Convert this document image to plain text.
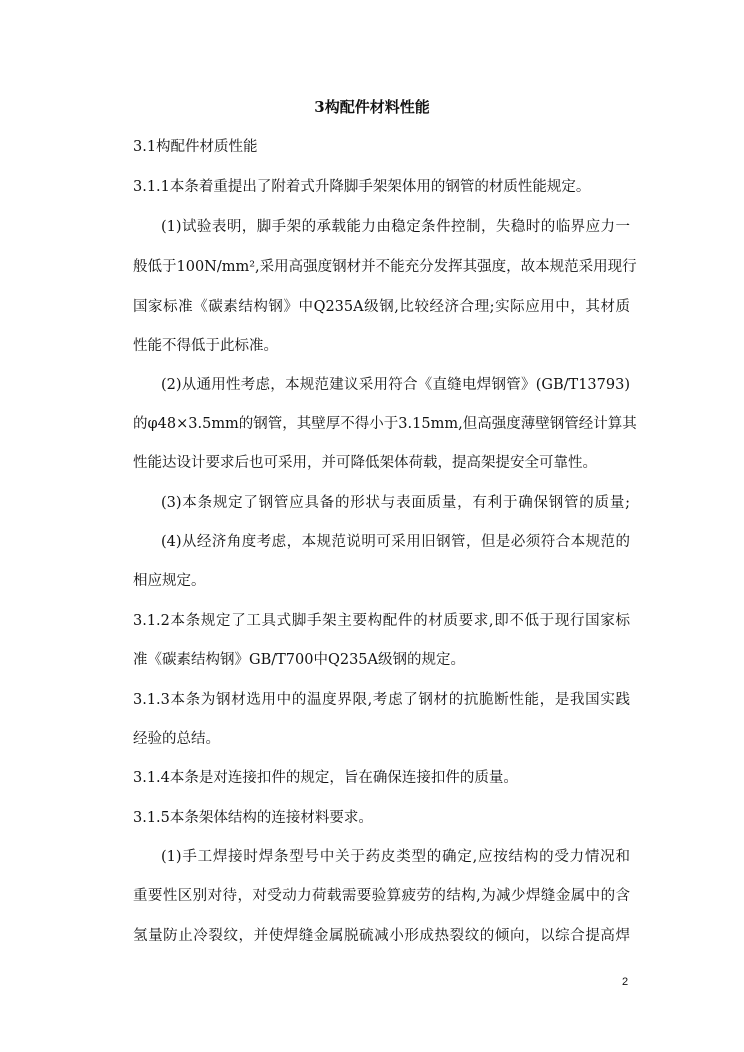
3构配件材料性能
3.1构配件材质性能
3.1.1本条着重提出了附着式升降脚手架架体用的钢管的材质性能规定。
(1)试验表明，脚手架的承载能力由稳定条件控制，失稳时的临界应力一
般低于100N/mm²,采用高强度钢材并不能充分发挥其强度，故本规范采用现行
国家标准《碳素结构钢》中Q235A级钢,比较经济合理;实际应用中，其材质
性能不得低于此标准。
(2)从通用性考虑，本规范建议采用符合《直缝电焊钢管》(GB/T13793)
的φ48×3.5mm的钢管，其壁厚不得小于3.15mm,但高强度薄壁钢管经计算其
性能达设计要求后也可采用，并可降低架体荷载，提高架提安全可靠性。
(3)本条规定了钢管应具备的形状与表面质量，有利于确保钢管的质量;
(4)从经济角度考虑，本规范说明可采用旧钢管，但是必须符合本规范的
相应规定。
3.1.2本条规定了工具式脚手架主要构配件的材质要求,即不低于现行国家标
准《碳素结构钢》GB/T700中Q235A级钢的规定。
3.1.3本条为钢材选用中的温度界限,考虑了钢材的抗脆断性能，是我国实践
经验的总结。
3.1.4本条是对连接扣件的规定，旨在确保连接扣件的质量。
3.1.5本条架体结构的连接材料要求。
(1)手工焊接时焊条型号中关于药皮类型的确定,应按结构的受力情况和
重要性区别对待，对受动力荷载需要验算疲劳的结构,为减少焊缝金属中的含
氢量防止冷裂纹，并使焊缝金属脱硫减小形成热裂纹的倾向，以综合提高焊
2
